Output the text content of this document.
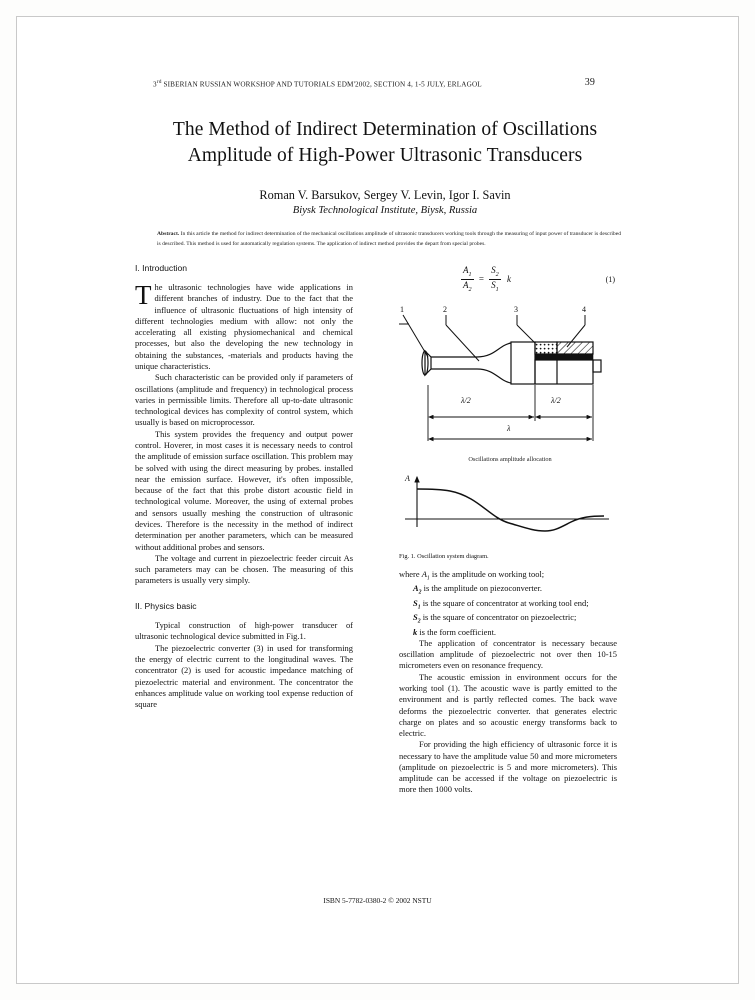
3rd SIBERIAN RUSSIAN WORKSHOP AND TUTORIALS EDM'2002, SECTION 4, 1-5 JULY, ERLAGOL	39
The Method of Indirect Determination of Oscillations Amplitude of High-Power Ultrasonic Transducers
Roman V. Barsukov, Sergey V. Levin, Igor I. Savin
Biysk Technological Institute, Biysk, Russia
Abstract. In this article the method for indirect determination of the mechanical oscillations amplitude of ultrasonic transducers working tools through the measuring of input power of transducer is described is described. This method is used for automatically regulation systems. The application of indirect method provides the depart from special probes.
I. Introduction
T he ultrasonic technologies have wide applications in different branches of industry. Due to the fact that the influence of ultrasonic fluctuations of high intensity of different technologies medium with allow: not only the accelerating all existing physiomechanical and chemical processes, but also the developing the new technology in obtaining the substances, -materials and products having the unique characteristics.

Such characteristic can be provided only if parameters of oscillations (amplitude and frequency) in technological process varies in permissible limits. Therefore all up-to-date ultrasonic technological devices has complexity of control system, which usually is based on microprocessor.

This system provides the frequency and output power control. Hoverer, in most cases it is necessary needs to control the amplitude of emission surface oscillation. This problem may be solved with using the direct measuring by probes. installed near the emission surface. However, it's often impossible, because of the fact that this probe distort acoustic field in technological volume. Moreover, the using of external probes and sensors usually meshing the construction of ultrasonic devices. Therefore is the necessity in the method of indirect determination per another parameters, which can be measured without additional probes and sensors.

The voltage and current in piezoelectric feeder circuit As such parameters may can be chosen. The measuring of this parameters is usually very simply.

II. Physics basic

Typical construction of high-power transducer of ultrasonic technological device submitted in Fig.1.

The piezoelectric converter (3) in used for transforming the energy of electric current to the longitudinal waves. The concentrator (2) is used for acoustic impedance matching of piezoelectric material and environment. The concentrator the enhances amplitude value on working tool expense reduction of square

$\frac{A_1}{A_2} = \frac{S_2}{S_1}$ k	(1)
λ/2	λ/2
λ
1	2	3	4
Oscillations amplitude allocation
A
Fig. 1. Oscillation system diagram.

where $A_1$ is the amplitude on working tool;

$A_2$ is the amplitude on piezoconverter.

$S_1$ is the square of concentrator at working tool end;

$S_2$ is the square of concentrator on piezoelectric;

k is the form coefficient.

The application of concentrator is necessary because oscillation amplitude of piezoelectric not over then 10-15 micrometers even on resonance frequency.

The acoustic emission in environment occurs for the working tool (1). The acoustic wave is partly emitted to the environment and is partly reflected comes. The back wave deforms the piezoelectric converter. that generates electric charge on plates and so acoustic energy transforms back to electric.

For providing the high efficiency of ultrasonic force it is necessary to have the amplitude value 50 and more micrometers (amplitude on piezoelectric is 5 and more micrometers). This amplitude can be accessed if the voltage on piezoelectric is more then 1000 volts.

ISBN 5-7782-0380-2 © 2002 NSTU
